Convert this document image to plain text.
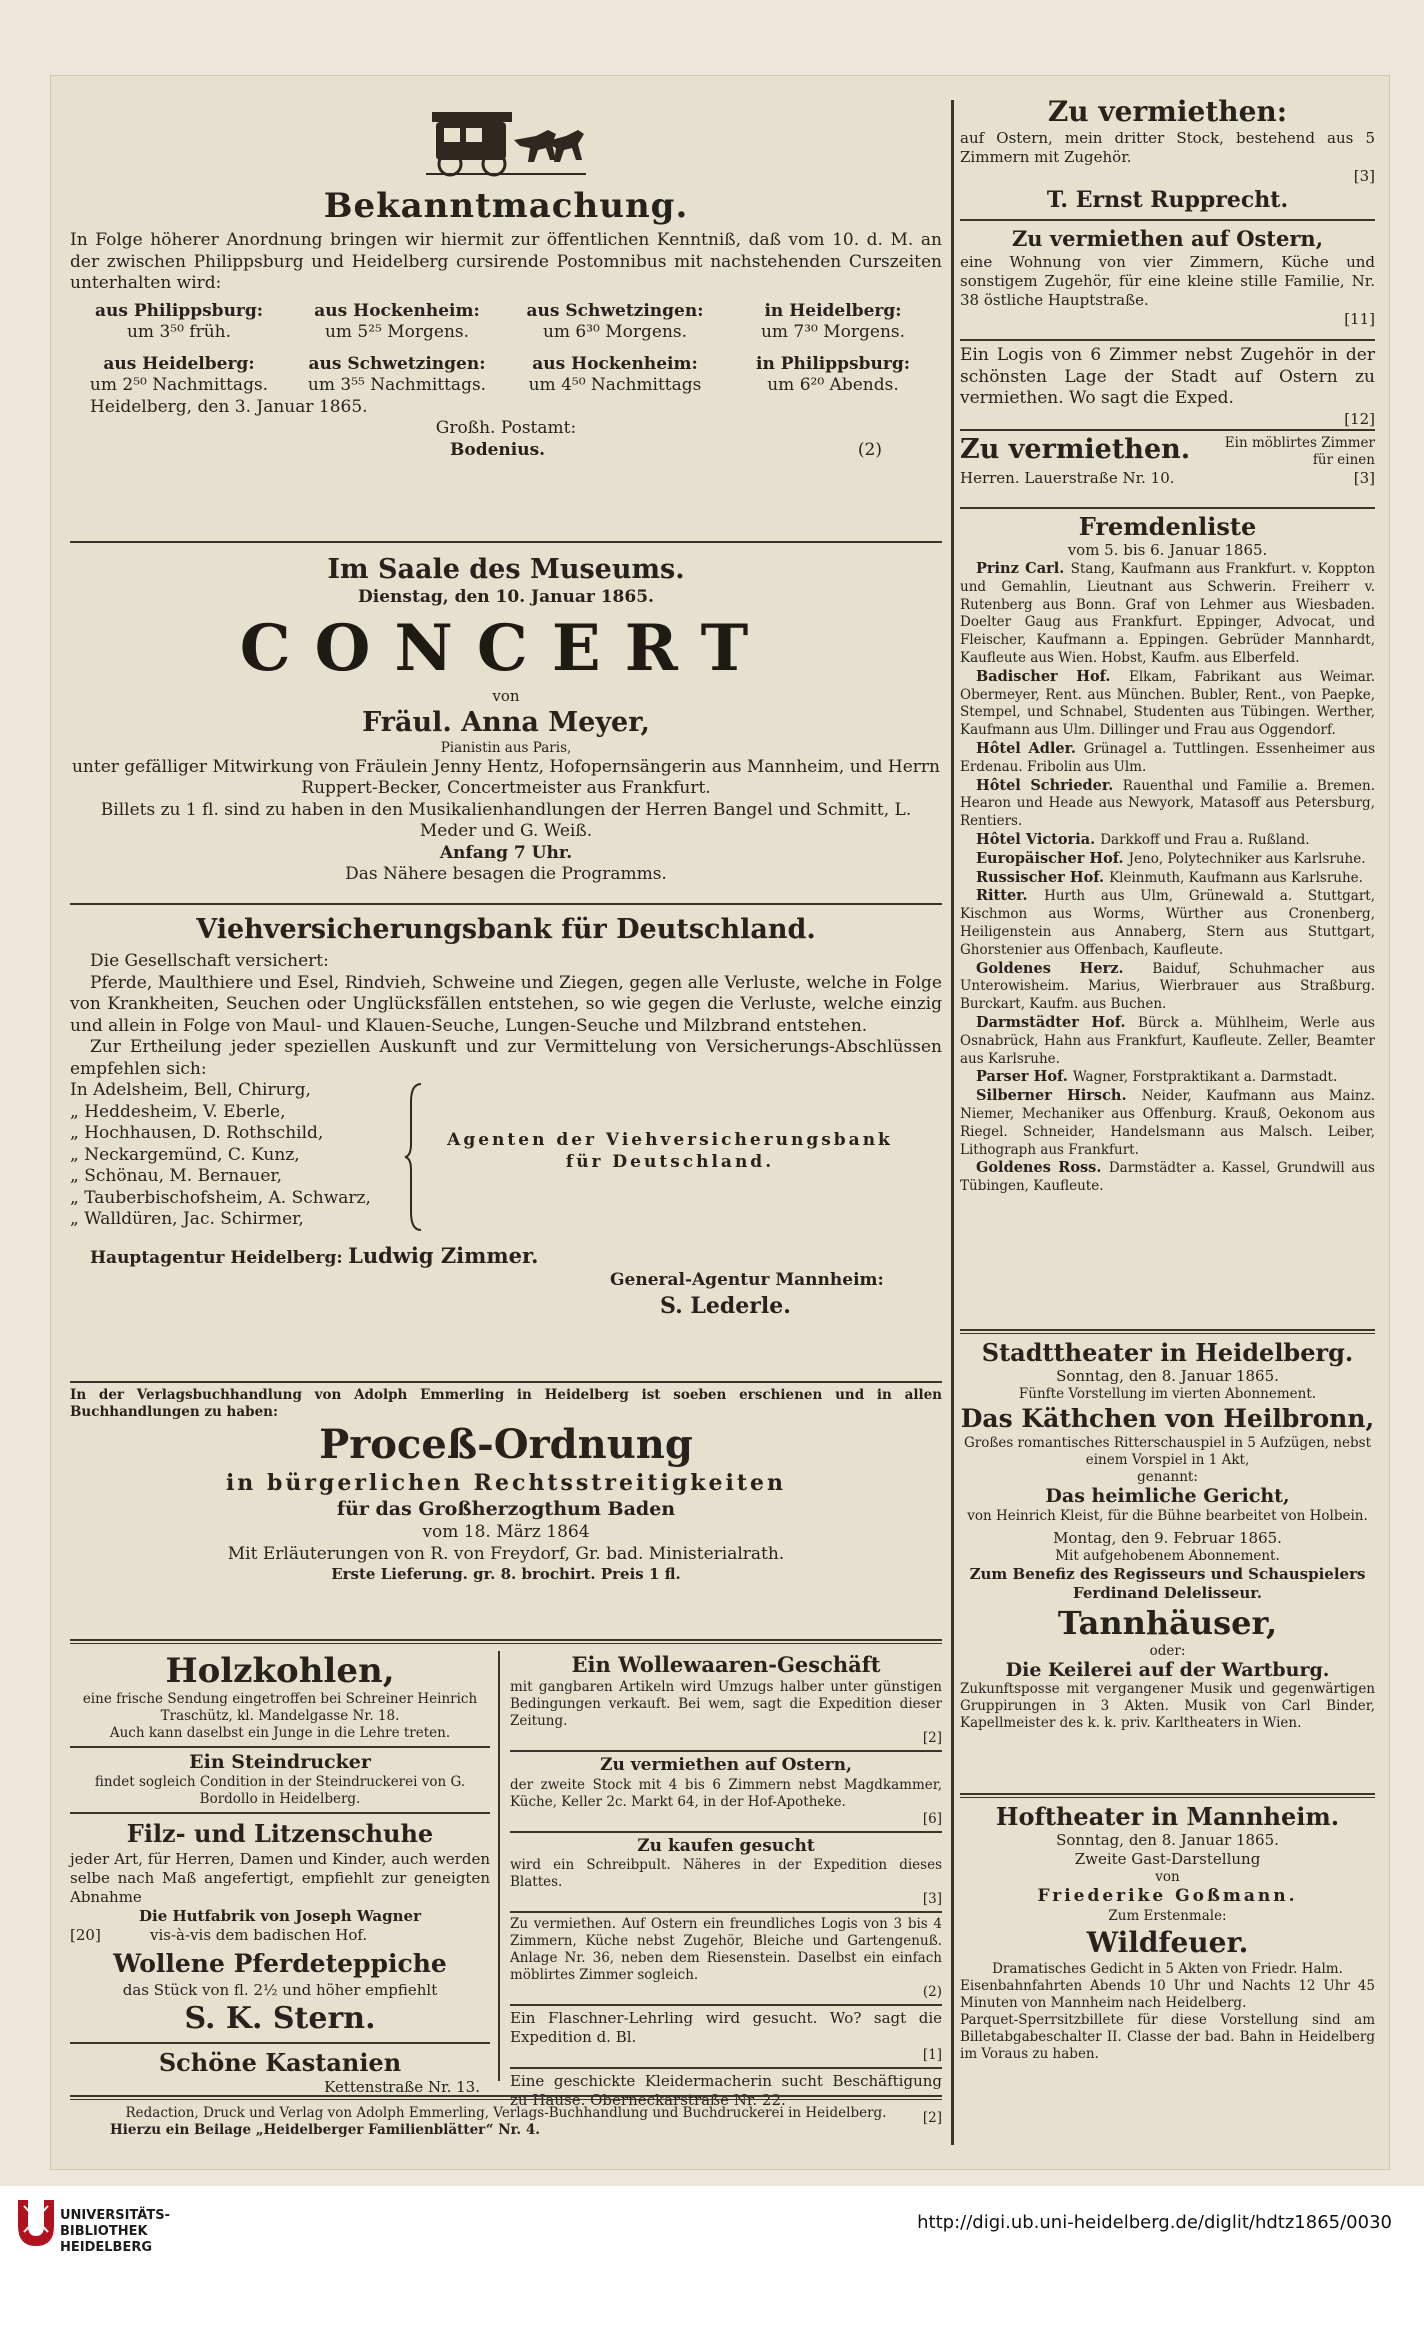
Bekanntmachung.
In Folge höherer Anordnung bringen wir hiermit zur öffentlichen Kenntniß, daß vom 10. d. M. an der zwischen Philippsburg und Heidelberg cursirende Postomnibus mit nachstehenden Curszeiten unterhalten wird:
aus Philippsburg:	aus Hockenheim:	aus Schwetzingen:	in Heidelberg:
um 3⁵⁰ früh.	um 5²⁵ Morgens.	um 6³⁰ Morgens.	um 7³⁰ Morgens.
aus Heidelberg:	aus Schwetzingen:	aus Hockenheim:	in Philippsburg:
um 2⁵⁰ Nachmittags.	um 3⁵⁵ Nachmittags.	um 4⁵⁰ Nachmittags	um 6²⁰ Abends.
Heidelberg, den 3. Januar 1865.
Großh. Postamt:
Bodenius.	(2)
Im Saale des Museums.
Dienstag, den 10. Januar 1865.
CONCERT
von
Fräul. Anna Meyer,
Pianistin aus Paris,
unter gefälliger Mitwirkung von Fräulein Jenny Hentz, Hofopernsängerin aus Mannheim, und Herrn Ruppert-Becker, Concertmeister aus Frankfurt.
Billets zu 1 fl. sind zu haben in den Musikalienhandlungen der Herren Bangel und Schmitt, L. Meder und G. Weiß.
Anfang 7 Uhr.
Das Nähere besagen die Programms.
Viehversicherungsbank für Deutschland.
Die Gesellschaft versichert:
Pferde, Maulthiere und Esel, Rindvieh, Schweine und Ziegen, gegen alle Verluste, welche in Folge von Krankheiten, Seuchen oder Unglücksfällen entstehen, so wie gegen die Verluste, welche einzig und allein in Folge von Maul- und Klauen-Seuche, Lungen-Seuche und Milzbrand entstehen.
Zur Ertheilung jeder speziellen Auskunft und zur Vermittelung von Versicherungs-Abschlüssen empfehlen sich:
In Adelsheim, Bell, Chirurg,
„ Heddesheim, V. Eberle,
„ Hochhausen, D. Rothschild,
„ Neckargemünd, C. Kunz,
„ Schönau, M. Bernauer,
„ Tauberbischofsheim, A. Schwarz,
„ Walldüren, Jac. Schirmer,
Agenten der Viehversicherungsbank für Deutschland.
Hauptagentur Heidelberg: Ludwig Zimmer.
General-Agentur Mannheim:
S. Lederle.
In der Verlagsbuchhandlung von Adolph Emmerling in Heidelberg ist soeben erschienen und in allen Buchhandlungen zu haben:
Proceß-Ordnung
in bürgerlichen Rechtsstreitigkeiten
für das Großherzogthum Baden
vom 18. März 1864
Mit Erläuterungen von R. von Freydorf, Gr. bad. Ministerialrath.
Erste Lieferung. gr. 8. brochirt. Preis 1 fl.
Holzkohlen,
eine frische Sendung eingetroffen bei Schreiner Heinrich Traschütz, kl. Mandelgasse Nr. 18.
Auch kann daselbst ein Junge in die Lehre treten.
Ein Steindrucker
findet sogleich Condition in der Steindruckerei von G. Bordollo in Heidelberg.
Filz- und Litzenschuhe
jeder Art, für Herren, Damen und Kinder, auch werden selbe nach Maß angefertigt, empfiehlt zur geneigten Abnahme
Die Hutfabrik von Joseph Wagner
[20]	vis-à-vis dem badischen Hof.
Wollene Pferdeteppiche
das Stück von fl. 2½ und höher empfiehlt
S. K. Stern.
Schöne Kastanien
Kettenstraße Nr. 13.
Ein Wollewaaren-Geschäft
mit gangbaren Artikeln wird Umzugs halber unter günstigen Bedingungen verkauft. Bei wem, sagt die Expedition dieser Zeitung.
[2]
Zu vermiethen auf Ostern,
der zweite Stock mit 4 bis 6 Zimmern nebst Magdkammer, Küche, Keller 2c. Markt 64, in der Hof-Apotheke.
[6]
Zu kaufen gesucht
wird ein Schreibpult. Näheres in der Expedition dieses Blattes.
[3]
Zu vermiethen. Auf Ostern ein freundliches Logis von 3 bis 4 Zimmern, Küche nebst Zugehör, Bleiche und Gartengenuß. Anlage Nr. 36, neben dem Riesenstein. Daselbst ein einfach möblirtes Zimmer sogleich.
(2)
Ein Flaschner-Lehrling wird gesucht. Wo? sagt die Expedition d. Bl.
[1]
Eine geschickte Kleidermacherin sucht Beschäftigung zu Hause. Oberneckarstraße Nr. 22.
[2]
Redaction, Druck und Verlag von Adolph Emmerling, Verlags-Buchhandlung und Buchdruckerei in Heidelberg.
Hierzu ein Beilage „Heidelberger Familienblätter“ Nr. 4.
Zu vermiethen:
auf Ostern, mein dritter Stock, bestehend aus 5 Zimmern mit Zugehör.
[3]
T. Ernst Rupprecht.
Zu vermiethen auf Ostern,
eine Wohnung von vier Zimmern, Küche und sonstigem Zugehör, für eine kleine stille Familie, Nr. 38 östliche Hauptstraße.
[11]
Ein Logis von 6 Zimmer nebst Zugehör in der schönsten Lage der Stadt auf Ostern zu vermiethen. Wo sagt die Exped.
[12]
Zu vermiethen.	Ein möblirtes Zimmer für einen
Herren. Lauerstraße Nr. 10.	[3]
Fremdenliste
vom 5. bis 6. Januar 1865.
Prinz Carl. Stang, Kaufmann aus Frankfurt. v. Koppton und Gemahlin, Lieutnant aus Schwerin. Freiherr v. Rutenberg aus Bonn. Graf von Lehmer aus Wiesbaden. Doelter Gaug aus Frankfurt. Eppinger, Advocat, und Fleischer, Kaufmann a. Eppingen. Gebrüder Mannhardt, Kaufleute aus Wien. Hobst, Kaufm. aus Elberfeld.
Badischer Hof. Elkam, Fabrikant aus Weimar. Obermeyer, Rent. aus München. Bubler, Rent., von Paepke, Stempel, und Schnabel, Studenten aus Tübingen. Werther, Kaufmann aus Ulm. Dillinger und Frau aus Oggendorf.
Hôtel Adler. Grünagel a. Tuttlingen. Essenheimer aus Erdenau. Fribolin aus Ulm.
Hôtel Schrieder. Rauenthal und Familie a. Bremen. Hearon und Heade aus Newyork, Matasoff aus Petersburg, Rentiers.
Hôtel Victoria. Darkkoff und Frau a. Rußland.
Europäischer Hof. Jeno, Polytechniker aus Karlsruhe.
Russischer Hof. Kleinmuth, Kaufmann aus Karlsruhe.
Ritter. Hurth aus Ulm, Grünewald a. Stuttgart, Kischmon aus Worms, Würther aus Cronenberg, Heiligenstein aus Annaberg, Stern aus Stuttgart, Ghorstenier aus Offenbach, Kaufleute.
Goldenes Herz. Baiduf, Schuhmacher aus Unterowisheim. Marius, Wierbrauer aus Straßburg. Burckart, Kaufm. aus Buchen.
Darmstädter Hof. Bürck a. Mühlheim, Werle aus Osnabrück, Hahn aus Frankfurt, Kaufleute. Zeller, Beamter aus Karlsruhe.
Parser Hof. Wagner, Forstpraktikant a. Darmstadt.
Silberner Hirsch. Neider, Kaufmann aus Mainz. Niemer, Mechaniker aus Offenburg. Krauß, Oekonom aus Riegel. Schneider, Handelsmann aus Malsch. Leiber, Lithograph aus Frankfurt.
Goldenes Ross. Darmstädter a. Kassel, Grundwill aus Tübingen, Kaufleute.
Stadttheater in Heidelberg.
Sonntag, den 8. Januar 1865.
Fünfte Vorstellung im vierten Abonnement.
Das Käthchen von Heilbronn,
Großes romantisches Ritterschauspiel in 5 Aufzügen, nebst einem Vorspiel in 1 Akt,
genannt:
Das heimliche Gericht,
von Heinrich Kleist, für die Bühne bearbeitet von Holbein.
Montag, den 9. Februar 1865.
Mit aufgehobenem Abonnement.
Zum Benefiz des Regisseurs und Schauspielers Ferdinand Delelisseur.
Tannhäuser,
oder:
Die Keilerei auf der Wartburg.
Zukunftsposse mit vergangener Musik und gegenwärtigen Gruppirungen in 3 Akten. Musik von Carl Binder, Kapellmeister des k. k. priv. Karltheaters in Wien.
Hoftheater in Mannheim.
Sonntag, den 8. Januar 1865.
Zweite Gast-Darstellung
von
Friederike Goßmann.
Zum Erstenmale:
Wildfeuer.
Dramatisches Gedicht in 5 Akten von Friedr. Halm.
Eisenbahnfahrten Abends 10 Uhr und Nachts 12 Uhr 45 Minuten von Mannheim nach Heidelberg.
Parquet-Sperrsitzbillete für diese Vorstellung sind am Billetabgabeschalter II. Classe der bad. Bahn in Heidelberg im Voraus zu haben.
UNIVERSITÄTS-
BIBLIOTHEK
HEIDELBERG
http://digi.ub.uni-heidelberg.de/diglit/hdtz1865/0030
